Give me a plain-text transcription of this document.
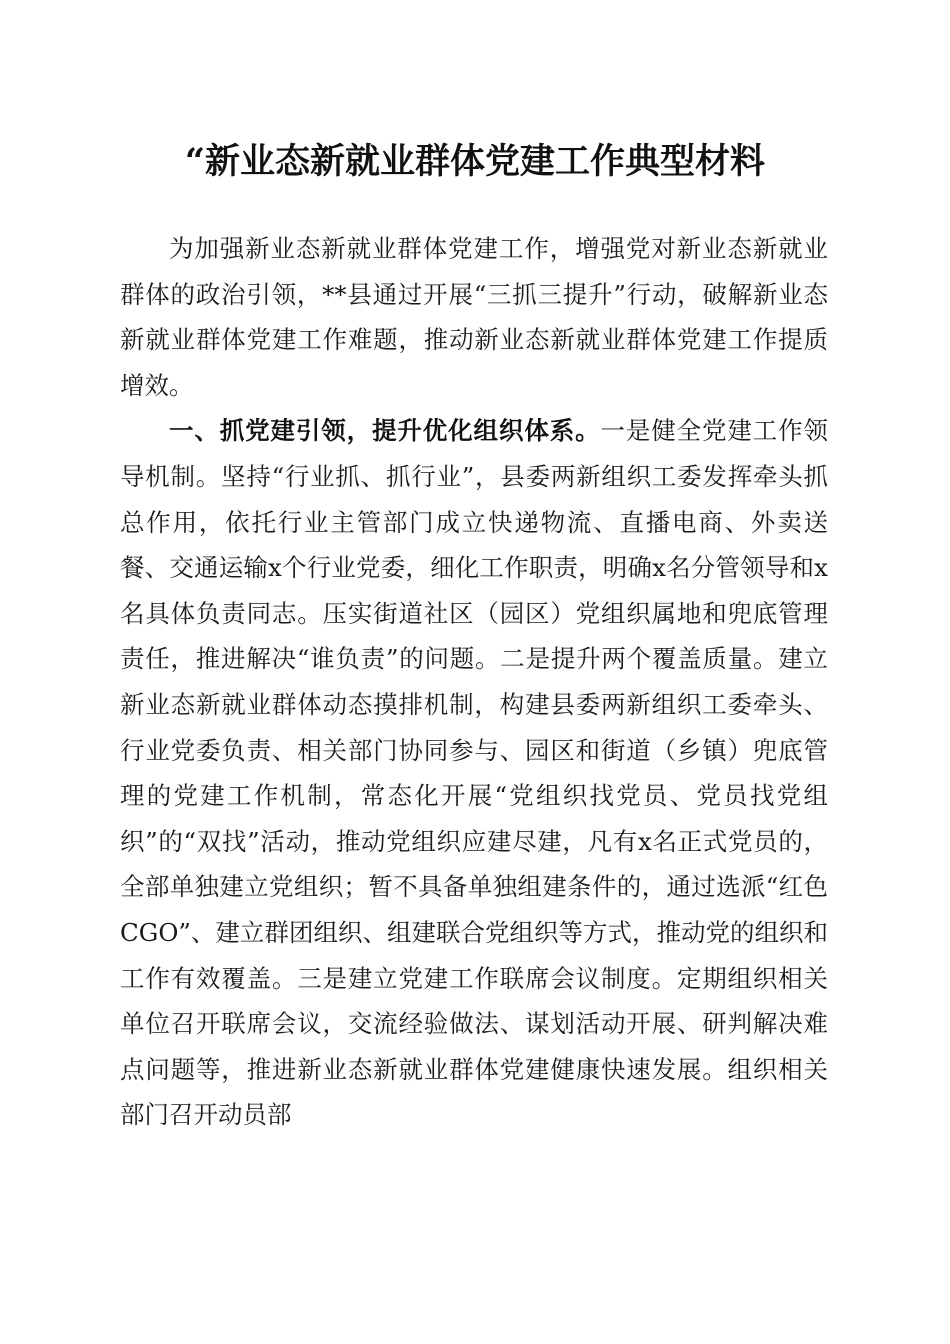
“新业态新就业群体党建工作典型材料

为加强新业态新就业群体党建工作，增强党对新业态新就业群体的政治引领，**县通过开展“三抓三提升”行动，破解新业态新就业群体党建工作难题，推动新业态新就业群体党建工作提质增效。

一、抓党建引领，提升优化组织体系。一是健全党建工作领导机制。坚持“行业抓、抓行业”，县委两新组织工委发挥牵头抓总作用，依托行业主管部门成立快递物流、直播电商、外卖送餐、交通运输x个行业党委，细化工作职责，明确x名分管领导和x名具体负责同志。压实街道社区（园区）党组织属地和兜底管理责任，推进解决“谁负责”的问题。二是提升两个覆盖质量。建立新业态新就业群体动态摸排机制，构建县委两新组织工委牵头、行业党委负责、相关部门协同参与、园区和街道（乡镇）兜底管理的党建工作机制，常态化开展“党组织找党员、党员找党组织”的“双找”活动，推动党组织应建尽建，凡有x名正式党员的，全部单独建立党组织；暂不具备单独组建条件的，通过选派“红色CGO”、建立群团组织、组建联合党组织等方式，推动党的组织和工作有效覆盖。三是建立党建工作联席会议制度。定期组织相关单位召开联席会议，交流经验做法、谋划活动开展、研判解决难点问题等，推进新业态新就业群体党建健康快速发展。组织相关部门召开动员部
